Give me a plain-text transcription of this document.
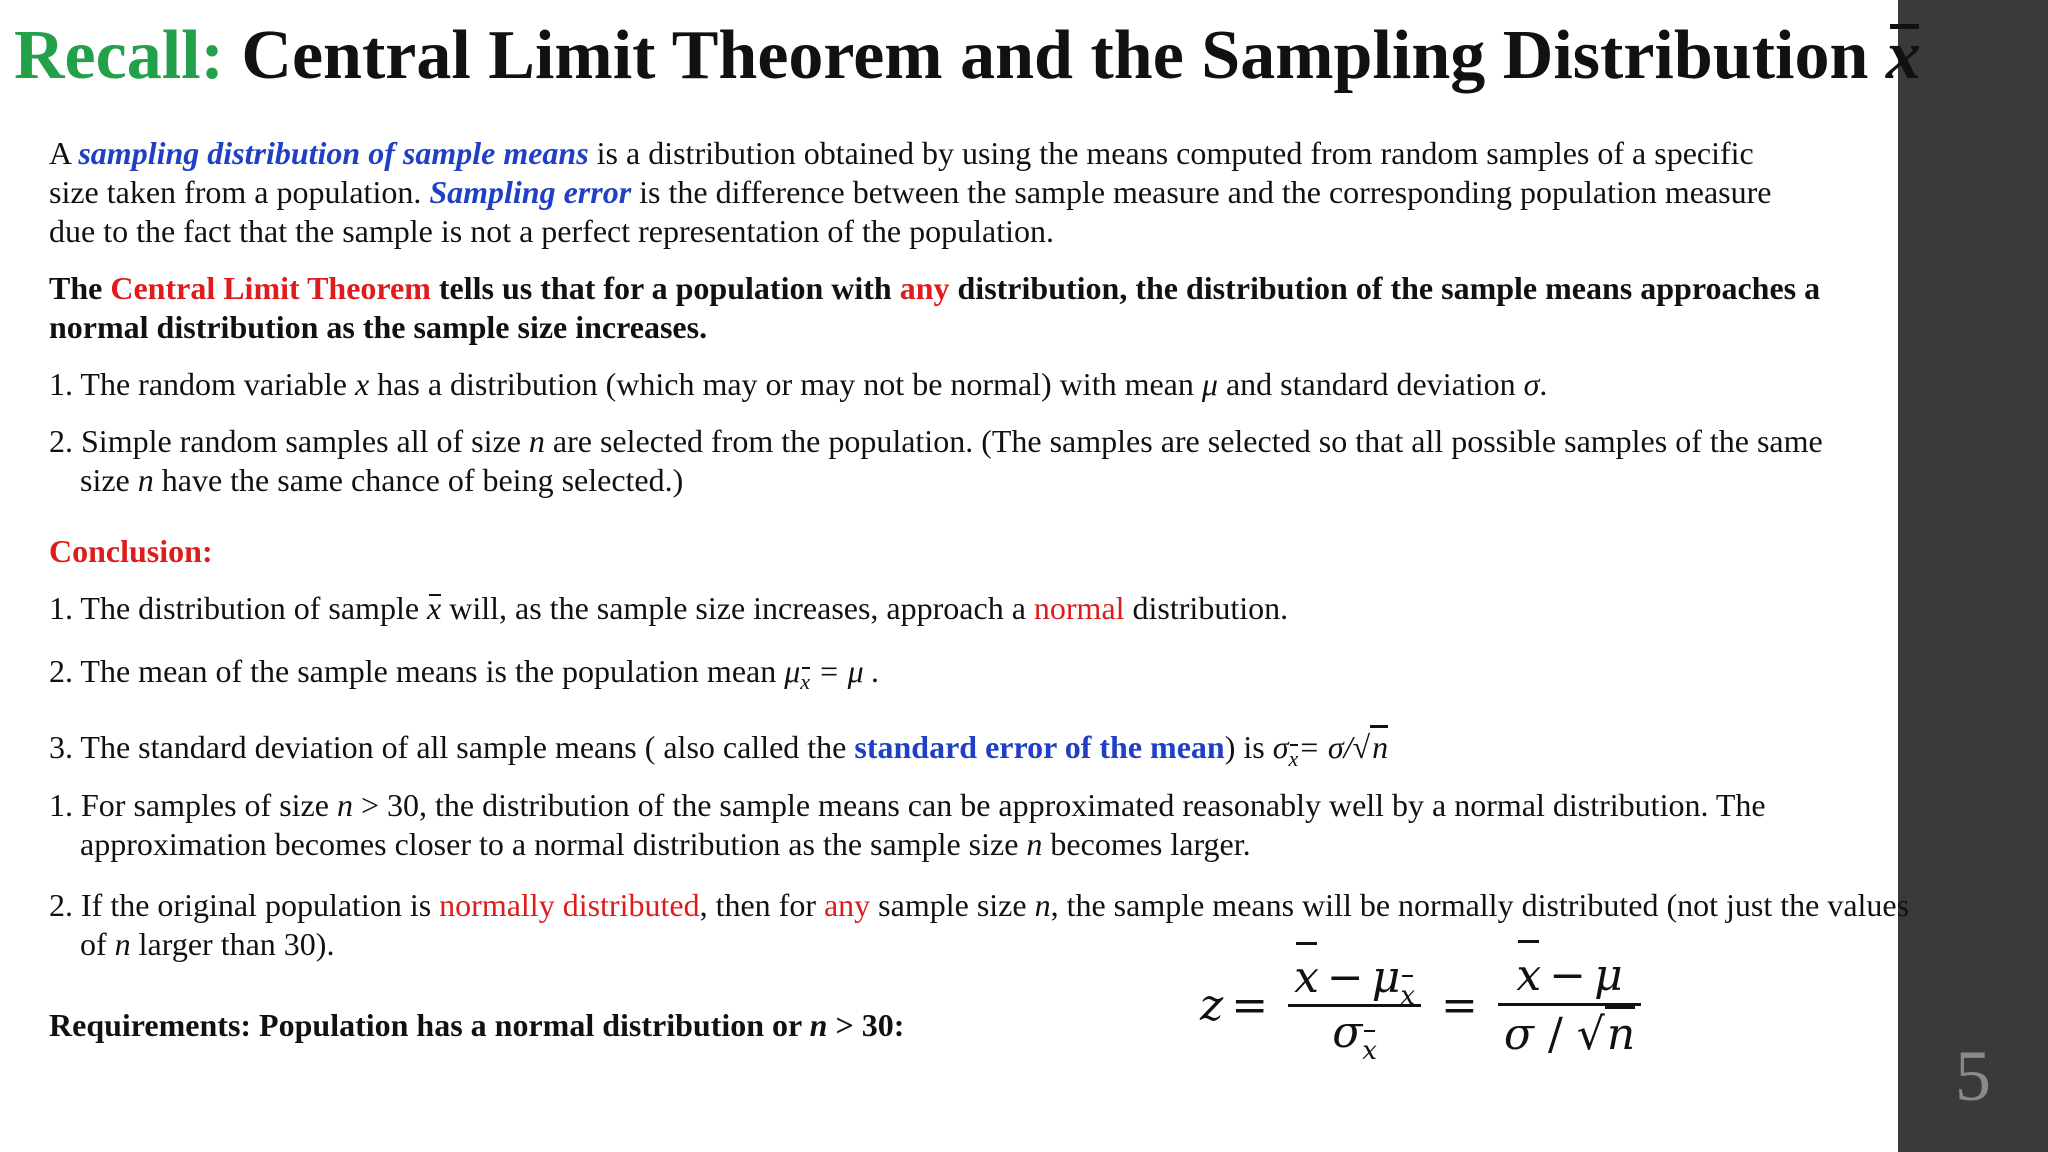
5
Recall: Central Limit Theorem and the Sampling Distribution x

A sampling distribution of sample means is a distribution obtained by using the means computed from random samples of a specific size taken from a population. Sampling error is the difference between the sample measure and the corresponding population measure due to the fact that the sample is not a perfect representation of the population.

The Central Limit Theorem tells us that for a population with any distribution, the distribution of the sample means approaches a normal distribution as the sample size increases.

1. The random variable x has a distribution (which may or may not be normal) with mean μ and standard deviation σ.

2. Simple random samples all of size n are selected from the population. (The samples are selected so that all possible samples of the same size n have the same chance of being selected.)

Conclusion:

1. The distribution of sample x will, as the sample size increases, approach a normal distribution.

2. The mean of the sample means is the population mean $\mu_x = \mu$ .

3. The standard deviation of all sample means ( also called the standard error of the mean) is $\sigma_x= \sigma/√n$

1. For samples of size n > 30, the distribution of the sample means can be approximated reasonably well by a normal distribution. The approximation becomes closer to a normal distribution as the sample size n becomes larger.

2. If the original population is normally distributed, then for any sample size n, the sample means will be normally distributed (not just the values of n larger than 30).

Requirements: Population has a normal distribution or n > 30:	$z = \frac{x - \mu x}{\sigma x} = \frac{x - \mu}{\sigma / √n}$
